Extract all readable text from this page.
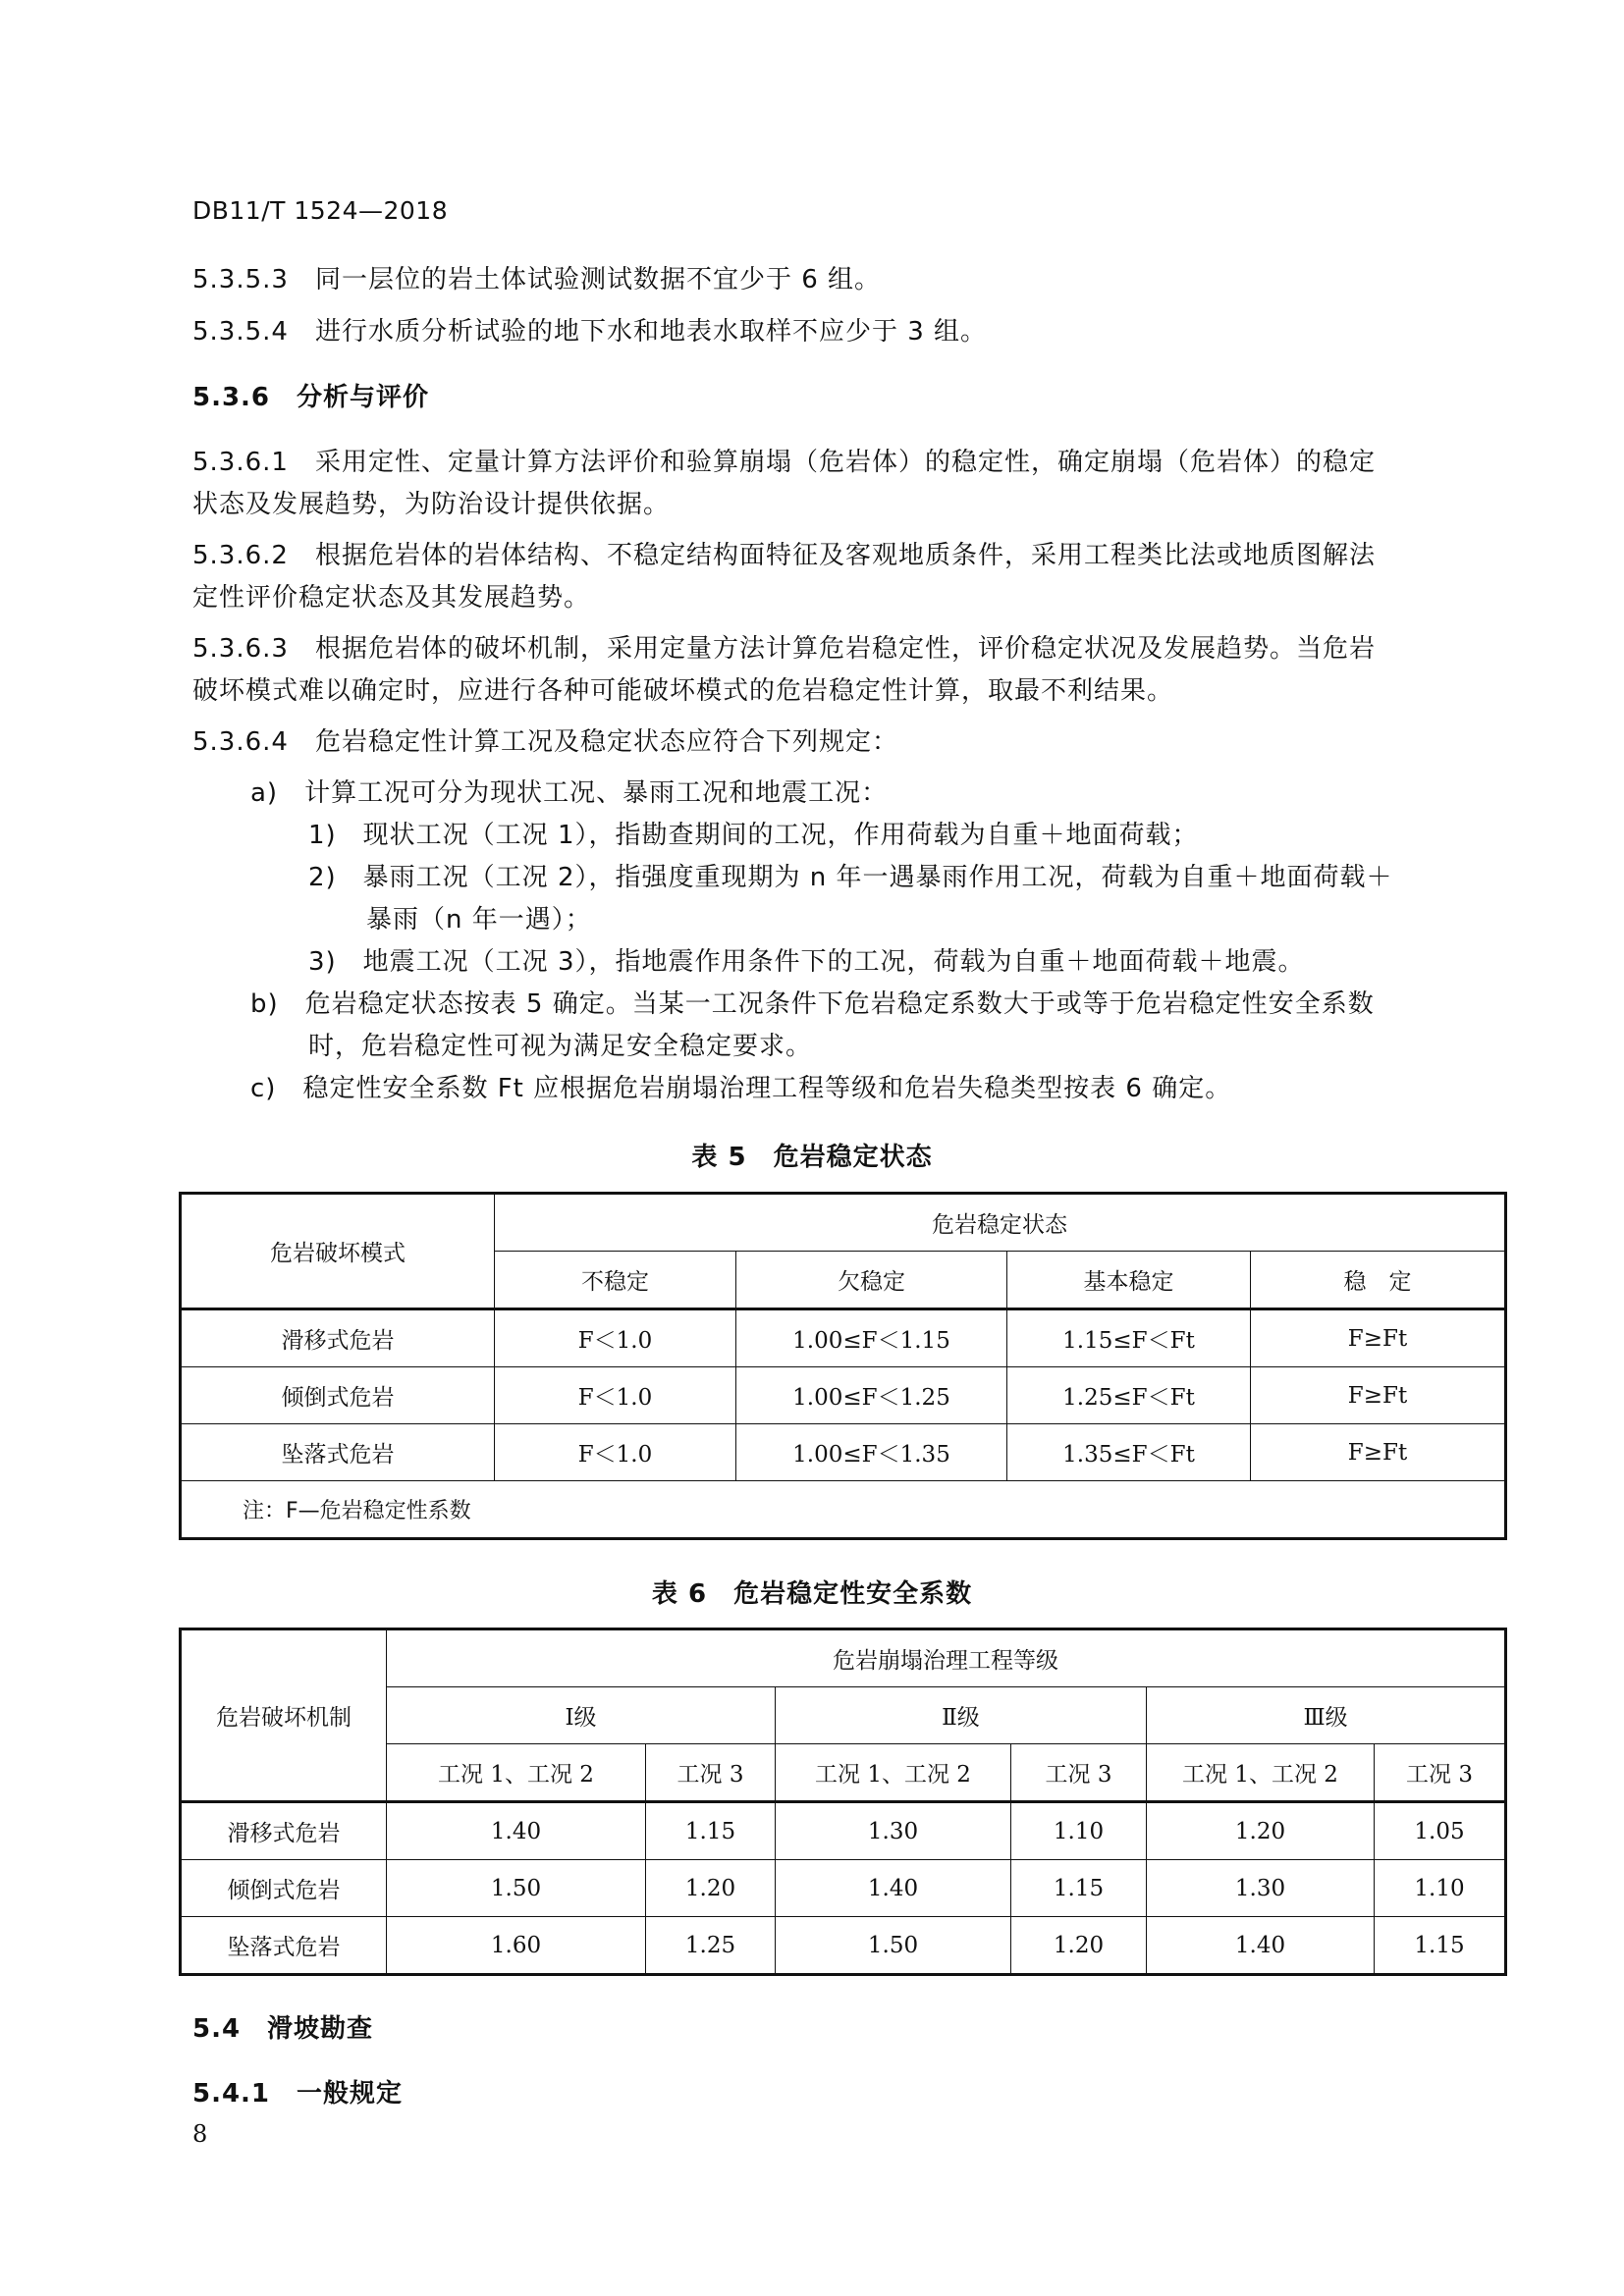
DB11/T 1524—2018
5.3.5.3　同一层位的岩土体试验测试数据不宜少于 6 组。
5.3.5.4　进行水质分析试验的地下水和地表水取样不应少于 3 组。
5.3.6　分析与评价
5.3.6.1　采用定性、定量计算方法评价和验算崩塌（危岩体）的稳定性，确定崩塌（危岩体）的稳定
状态及发展趋势，为防治设计提供依据。
5.3.6.2　根据危岩体的岩体结构、不稳定结构面特征及客观地质条件，采用工程类比法或地质图解法
定性评价稳定状态及其发展趋势。
5.3.6.3　根据危岩体的破坏机制，采用定量方法计算危岩稳定性，评价稳定状况及发展趋势。当危岩
破坏模式难以确定时，应进行各种可能破坏模式的危岩稳定性计算，取最不利结果。
5.3.6.4　危岩稳定性计算工况及稳定状态应符合下列规定：
a)　计算工况可分为现状工况、暴雨工况和地震工况：
1)　现状工况（工况 1），指勘查期间的工况，作用荷载为自重＋地面荷载；
2)　暴雨工况（工况 2），指强度重现期为 n 年一遇暴雨作用工况，荷载为自重＋地面荷载＋
暴雨（n 年一遇）；
3)　地震工况（工况 3），指地震作用条件下的工况，荷载为自重＋地面荷载＋地震。
b)　危岩稳定状态按表 5 确定。当某一工况条件下危岩稳定系数大于或等于危岩稳定性安全系数
时，危岩稳定性可视为满足安全稳定要求。
c)　稳定性安全系数 Ft 应根据危岩崩塌治理工程等级和危岩失稳类型按表 6 确定。
表 5　危岩稳定状态
危岩破坏模式	危岩稳定状态			
	不稳定	欠稳定	基本稳定	稳　定
滑移式危岩	F＜1.0	1.00≤F＜1.15	1.15≤F＜Ft	F≥Ft
倾倒式危岩	F＜1.0	1.00≤F＜1.25	1.25≤F＜Ft	F≥Ft
坠落式危岩	F＜1.0	1.00≤F＜1.35	1.35≤F＜Ft	F≥Ft
注：F—危岩稳定性系数				
表 6　危岩稳定性安全系数
危岩破坏机制	危岩崩塌治理工程等级					
	Ⅰ级		Ⅱ级		Ⅲ级	
	工况 1、工况 2	工况 3	工况 1、工况 2	工况 3	工况 1、工况 2	工况 3
滑移式危岩	1.40	1.15	1.30	1.10	1.20	1.05
倾倒式危岩	1.50	1.20	1.40	1.15	1.30	1.10
坠落式危岩	1.60	1.25	1.50	1.20	1.40	1.15
5.4　滑坡勘查
5.4.1　一般规定
8
